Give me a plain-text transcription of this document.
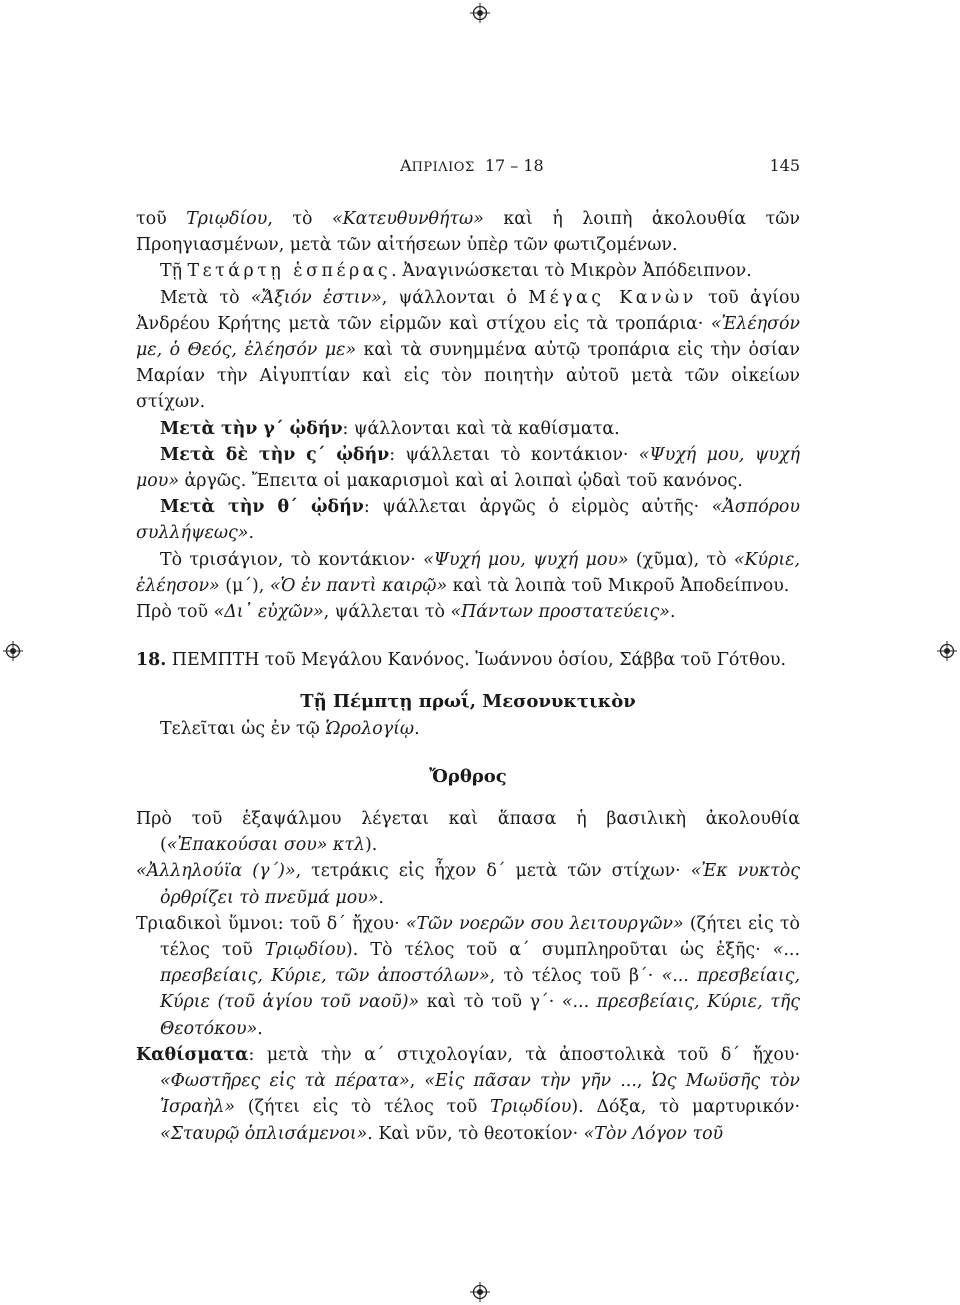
ΑΠΡΙΛΙΟΣ 17 – 18	145

τοῦ Τριῳδίου, τὸ «Κατευθυνθήτω» καὶ ἡ λοιπὴ ἀκολουθία τῶν Προηγιασμένων, μετὰ τῶν αἰτήσεων ὑπὲρ τῶν φωτιζομένων.

Τῇ Τετάρτῃ ἑσπέρας. Ἀναγινώσκεται τὸ Μικρὸν Ἀπόδειπνον.

Μετὰ τὸ «Ἄξιόν ἐστιν», ψάλλονται ὁ Μέγας Κανὼν τοῦ ἁγίου Ἀνδρέου Κρήτης μετὰ τῶν εἱρμῶν καὶ στίχου εἰς τὰ τροπάρια· «Ἐλέησόν με, ὁ Θεός, ἐλέησόν με» καὶ τὰ συνημμένα αὐτῷ τροπάρια εἰς τὴν ὁσίαν Μαρίαν τὴν Αἰγυπτίαν καὶ εἰς τὸν ποιητὴν αὐτοῦ μετὰ τῶν οἰκείων στίχων.

Μετὰ τὴν γ΄ ᾠδήν: ψάλλονται καὶ τὰ καθίσματα.

Μετὰ δὲ τὴν ς΄ ᾠδήν: ψάλλεται τὸ κοντάκιον· «Ψυχή μου, ψυχή μου» ἀργῶς. Ἔπειτα οἱ μακαρισμοὶ καὶ αἱ λοιπαὶ ᾠδαὶ τοῦ κανόνος.

Μετὰ τὴν θ΄ ᾠδήν: ψάλλεται ἀργῶς ὁ εἱρμὸς αὐτῆς· «Ἀσπόρου συλλήψεως».

Τὸ τρισάγιον, τὸ κοντάκιον· «Ψυχή μου, ψυχή μου» (χῦμα), τὸ «Κύριε, ἐλέησον» (μ΄), «Ὁ ἐν παντὶ καιρῷ» καὶ τὰ λοιπὰ τοῦ Μικροῦ Ἀποδείπνου.

Πρὸ τοῦ «Δι᾽ εὐχῶν», ψάλλεται τὸ «Πάντων προστατεύεις».

18. ΠΕΜΠΤΗ τοῦ Μεγάλου Κανόνος. Ἰωάννου ὁσίου, Σάββα τοῦ Γότθου.

Τῇ Πέμπτῃ πρωΐ, Μεσονυκτικὸν

Τελεῖται ὡς ἐν τῷ Ὡρολογίῳ.

Ὄρθρος

Πρὸ τοῦ ἑξαψάλμου λέγεται καὶ ἅπασα ἡ βασιλικὴ ἀκολουθία («Ἐπακούσαι σου» κτλ).

«Ἀλληλούϊα (γ΄)», τετράκις εἰς ἦχον δ΄ μετὰ τῶν στίχων· «Ἐκ νυκτὸς ὀρθρίζει τὸ πνεῦμά μου».

Τριαδικοὶ ὕμνοι: τοῦ δ΄ ἤχου· «Τῶν νοερῶν σου λειτουργῶν» (ζήτει εἰς τὸ τέλος τοῦ Τριῳδίου). Τὸ τέλος τοῦ α΄ συμπληροῦται ὡς ἑξῆς· «... πρεσβείαις, Κύριε, τῶν ἀποστόλων», τὸ τέλος τοῦ β΄· «... πρεσβείαις, Κύριε (τοῦ ἁγίου τοῦ ναοῦ)» καὶ τὸ τοῦ γ΄· «... πρεσβείαις, Κύριε, τῆς Θεοτόκου».

Καθίσματα: μετὰ τὴν α΄ στιχολογίαν, τὰ ἀποστολικὰ τοῦ δ΄ ἤχου· «Φωστῆρες εἰς τὰ πέρατα», «Εἰς πᾶσαν τὴν γῆν ..., Ὡς Μωϋσῆς τὸν Ἰσραὴλ» (ζήτει εἰς τὸ τέλος τοῦ Τριῳδίου). Δόξα, τὸ μαρτυρικόν· «Σταυρῷ ὁπλισάμενοι». Καὶ νῦν, τὸ θεοτοκίον· «Τὸν Λόγον τοῦ
